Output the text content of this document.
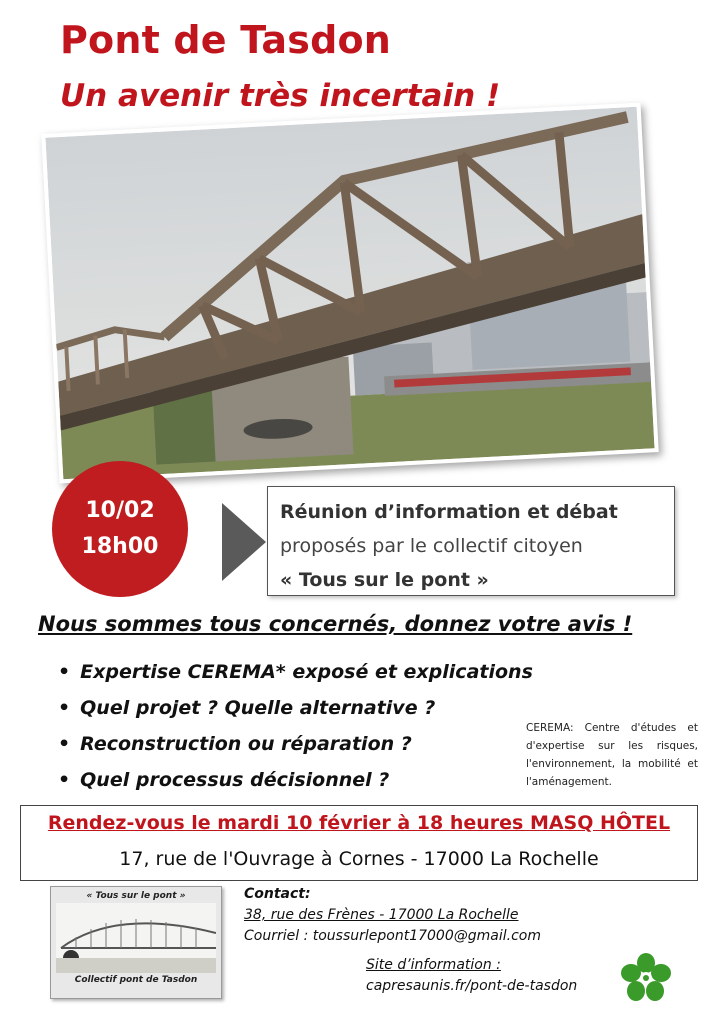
Pont de Tasdon
Un avenir très incertain !
10/02
18h00
Réunion d’information et débat
proposés par le collectif citoyen
« Tous sur le pont »
Nous sommes tous concernés, donnez votre avis !
• Expertise CEREMA* exposé et explications
• Quel projet ? Quelle alternative ?
• Reconstruction ou réparation ?
• Quel processus décisionnel ?
CEREMA: Centre d'études et d'expertise sur les risques, l'environnement, la mobilité et l'aménagement.
Rendez-vous le mardi 10 février à 18 heures MASQ HÔTEL
17, rue de l'Ouvrage à Cornes - 17000 La Rochelle
« Tous sur le pont »
Collectif pont de Tasdon
Contact:
38, rue des Frènes - 17000 La Rochelle
Courriel : toussurlepont17000@gmail.com
Site d’information :
capresaunis.fr/pont-de-tasdon
